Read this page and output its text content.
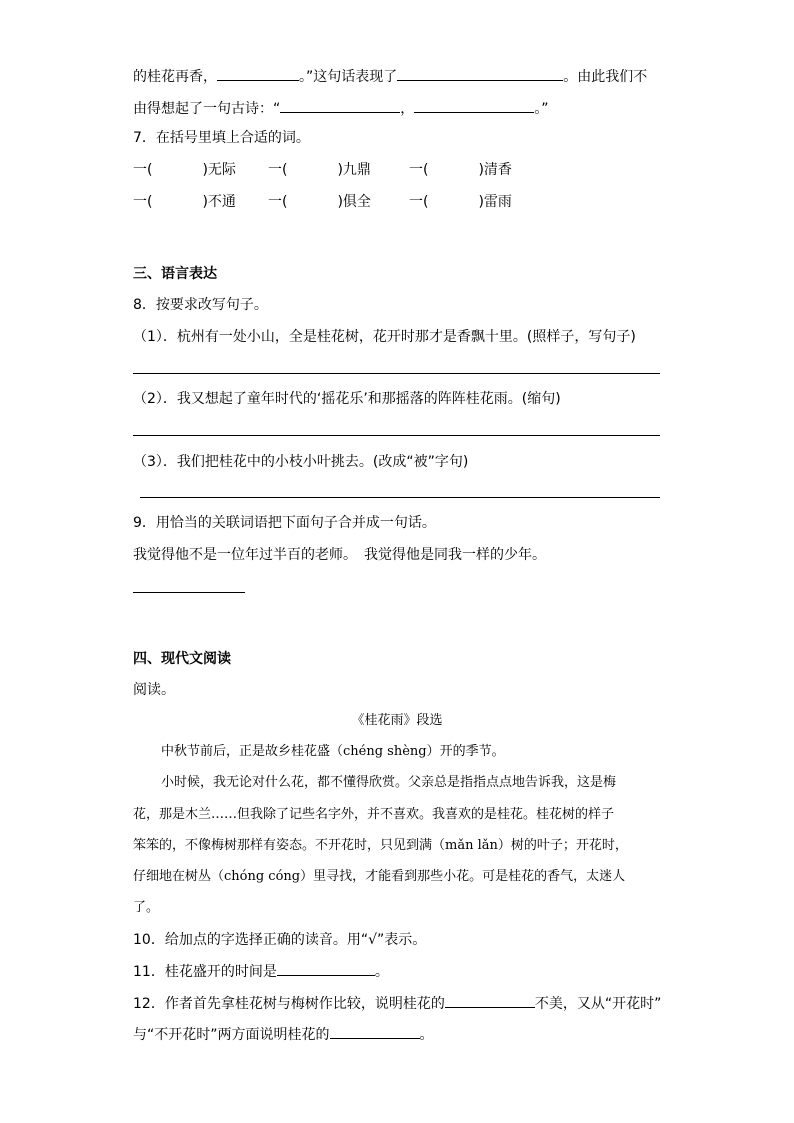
的桂花再香，	。”这句话表现了	。由此我们不
由得想起了一句古诗：“	，	。”
7．在括号里填上合适的词。
一(	)无际 一(	)九鼎	一(	)清香
一(	)不通 一(	)俱全	一(	)雷雨
三、语言表达
8．按要求改写句子。
（1）．杭州有一处小山，全是桂花树，花开时那才是香飘十里。(照样子，写句子)
（2）．我又想起了童年时代的‘摇花乐’和那摇落的阵阵桂花雨。(缩句)
（3）．我们把桂花中的小枝小叶挑去。(改成“被”字句)
9．用恰当的关联词语把下面句子合并成一句话。
我觉得他不是一位年过半百的老师。　我觉得他是同我一样的少年。
四、现代文阅读
阅读。
《桂花雨》段选
中秋节前后，正是故乡桂花盛（chéng shèng）开的季节。
小时候，我无论对什么花，都不懂得欣赏。父亲总是指指点点地告诉我，这是梅
花，那是木兰……但我除了记些名字外，并不喜欢。我喜欢的是桂花。桂花树的样子
笨笨的，不像梅树那样有姿态。不开花时，只见到满（mǎn lǎn）树的叶子；开花时，
仔细地在树丛（chóng cóng）里寻找，才能看到那些小花。可是桂花的香气，太迷人
了。
10．给加点的字选择正确的读音。用“√”表示。
11．桂花盛开的时间是	。
12．作者首先拿桂花树与梅树作比较，说明桂花的	不美，又从“开花时”
与“不开花时”两方面说明桂花的	。
